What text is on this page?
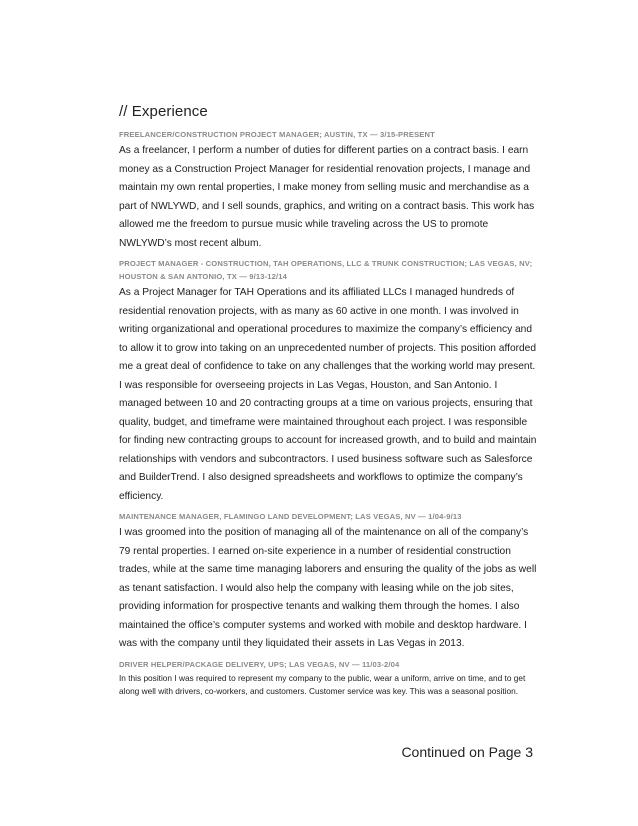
// Experience
FREELANCER/CONSTRUCTION PROJECT MANAGER; AUSTIN, TX — 3/15-PRESENT

As a freelancer, I perform a number of duties for different parties on a contract basis. I earn money as a Construction Project Manager for residential renovation projects, I manage and maintain my own rental properties, I make money from selling music and merchandise as a part of NWLYWD, and I sell sounds, graphics, and writing on a contract basis. This work has allowed me the freedom to pursue music while traveling across the US to promote NWLYWD’s most recent album.

PROJECT MANAGER - CONSTRUCTION, TAH OPERATIONS, LLC & TRUNK CONSTRUCTION; LAS VEGAS, NV; HOUSTON & SAN ANTONIO, TX — 9/13-12/14

As a Project Manager for TAH Operations and its affiliated LLCs I managed hundreds of residential renovation projects, with as many as 60 active in one month. I was involved in writing organizational and operational procedures to maximize the company’s efficiency and to allow it to grow into taking on an unprecedented number of projects. This position afforded me a great deal of confidence to take on any challenges that the working world may present. I was responsible for overseeing projects in Las Vegas, Houston, and San Antonio. I managed between 10 and 20 contracting groups at a time on various projects, ensuring that quality, budget, and timeframe were maintained throughout each project. I was responsible for finding new contracting groups to account for increased growth, and to build and maintain relationships with vendors and subcontractors. I used business software such as Salesforce and BuilderTrend. I also designed spreadsheets and workflows to optimize the company’s efficiency.

MAINTENANCE MANAGER, FLAMINGO LAND DEVELOPMENT; LAS VEGAS, NV — 1/04-9/13

I was groomed into the position of managing all of the maintenance on all of the company’s 79 rental properties. I earned on-site experience in a number of residential construction trades, while at the same time managing laborers and ensuring the quality of the jobs as well as tenant satisfaction. I would also help the company with leasing while on the job sites, providing information for prospective tenants and walking them through the homes. I also maintained the office’s computer systems and worked with mobile and desktop hardware. I was with the company until they liquidated their assets in Las Vegas in 2013.

DRIVER HELPER/PACKAGE DELIVERY, UPS; LAS VEGAS, NV — 11/03-2/04

In this position I was required to represent my company to the public, wear a uniform, arrive on time, and to get along well with drivers, co-workers, and customers. Customer service was key. This was a seasonal position.

Continued on Page 3
